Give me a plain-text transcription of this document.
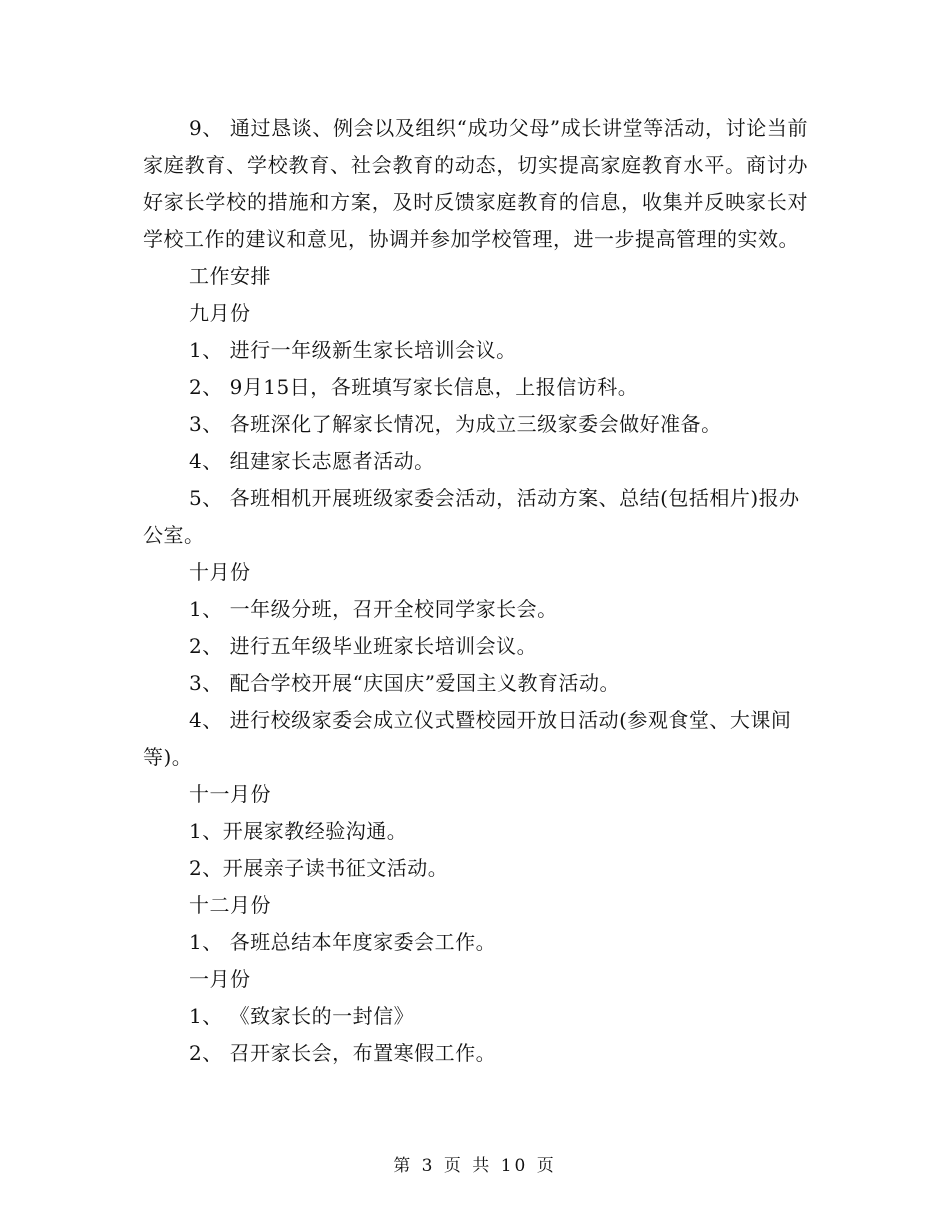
9、 通过恳谈、例会以及组织“成功父母”成长讲堂等活动，讨论当前家庭教育、学校教育、社会教育的动态，切实提高家庭教育水平。商讨办好家长学校的措施和方案，及时反馈家庭教育的信息，收集并反映家长对学校工作的建议和意见，协调并参加学校管理，进一步提高管理的实效。

工作安排

九月份

1、 进行一年级新生家长培训会议。

2、 9月15日，各班填写家长信息，上报信访科。

3、 各班深化了解家长情况，为成立三级家委会做好准备。

4、 组建家长志愿者活动。

5、 各班相机开展班级家委会活动，活动方案、总结(包括相片)报办公室。

十月份

1、 一年级分班，召开全校同学家长会。

2、 进行五年级毕业班家长培训会议。

3、 配合学校开展“庆国庆”爱国主义教育活动。

4、 进行校级家委会成立仪式暨校园开放日活动(参观食堂、大课间等)。

十一月份

1、开展家教经验沟通。

2、开展亲子读书征文活动。

十二月份

1、 各班总结本年度家委会工作。

一月份

1、 《致家长的一封信》

2、 召开家长会，布置寒假工作。

第 3 页 共 10 页
